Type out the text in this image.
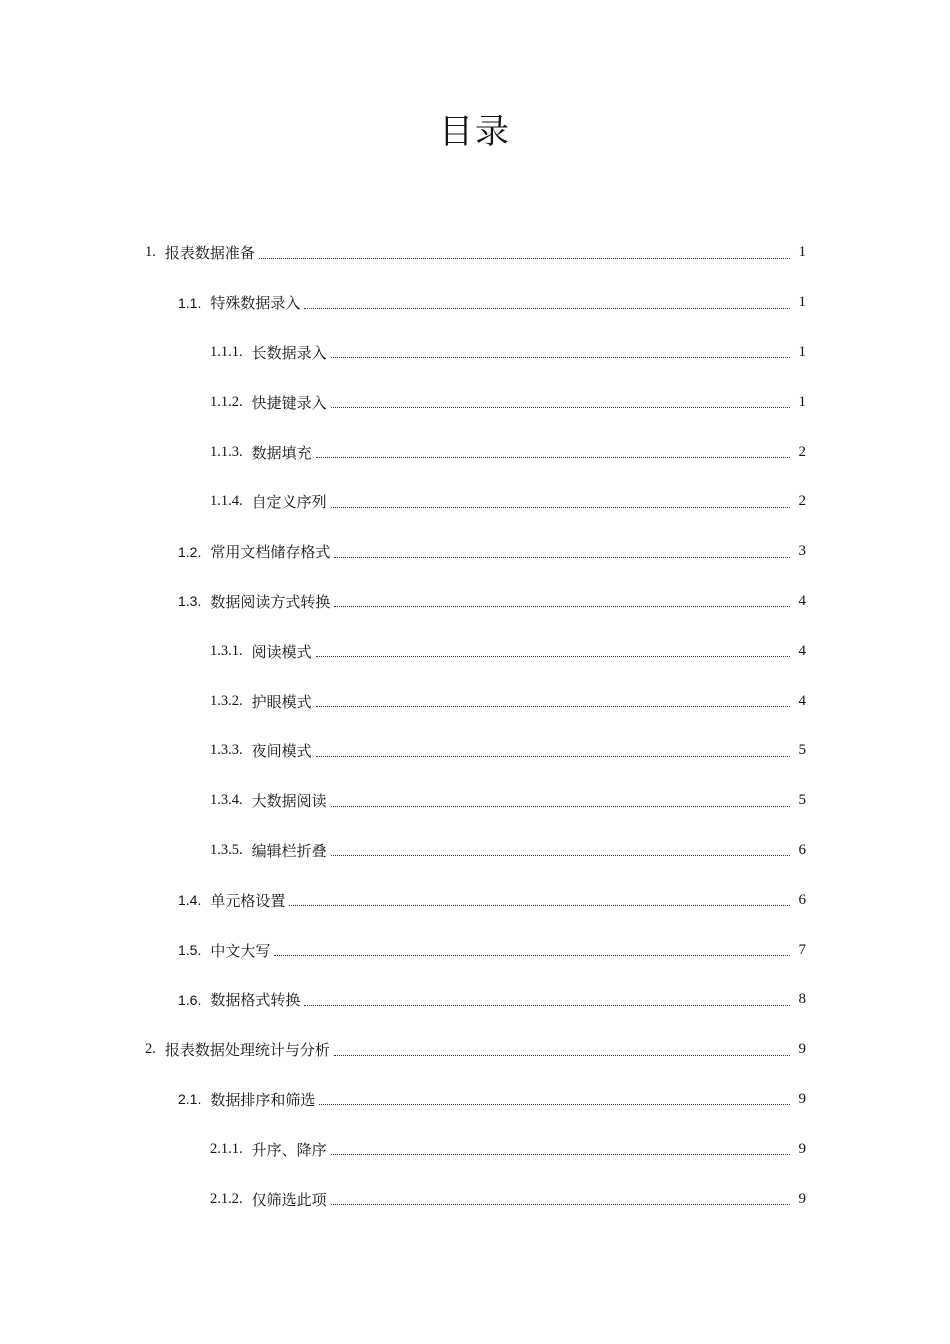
目录
1. 报表数据准备	1
1.1. 特殊数据录入	1
1.1.1. 长数据录入	1
1.1.2. 快捷键录入	1
1.1.3. 数据填充	2
1.1.4. 自定义序列	2
1.2. 常用文档储存格式	3
1.3. 数据阅读方式转换	4
1.3.1. 阅读模式	4
1.3.2. 护眼模式	4
1.3.3. 夜间模式	5
1.3.4. 大数据阅读	5
1.3.5. 编辑栏折叠	6
1.4. 单元格设置	6
1.5. 中文大写	7
1.6. 数据格式转换	8
2. 报表数据处理统计与分析	9
2.1. 数据排序和筛选	9
2.1.1. 升序、降序	9
2.1.2. 仅筛选此项	9
